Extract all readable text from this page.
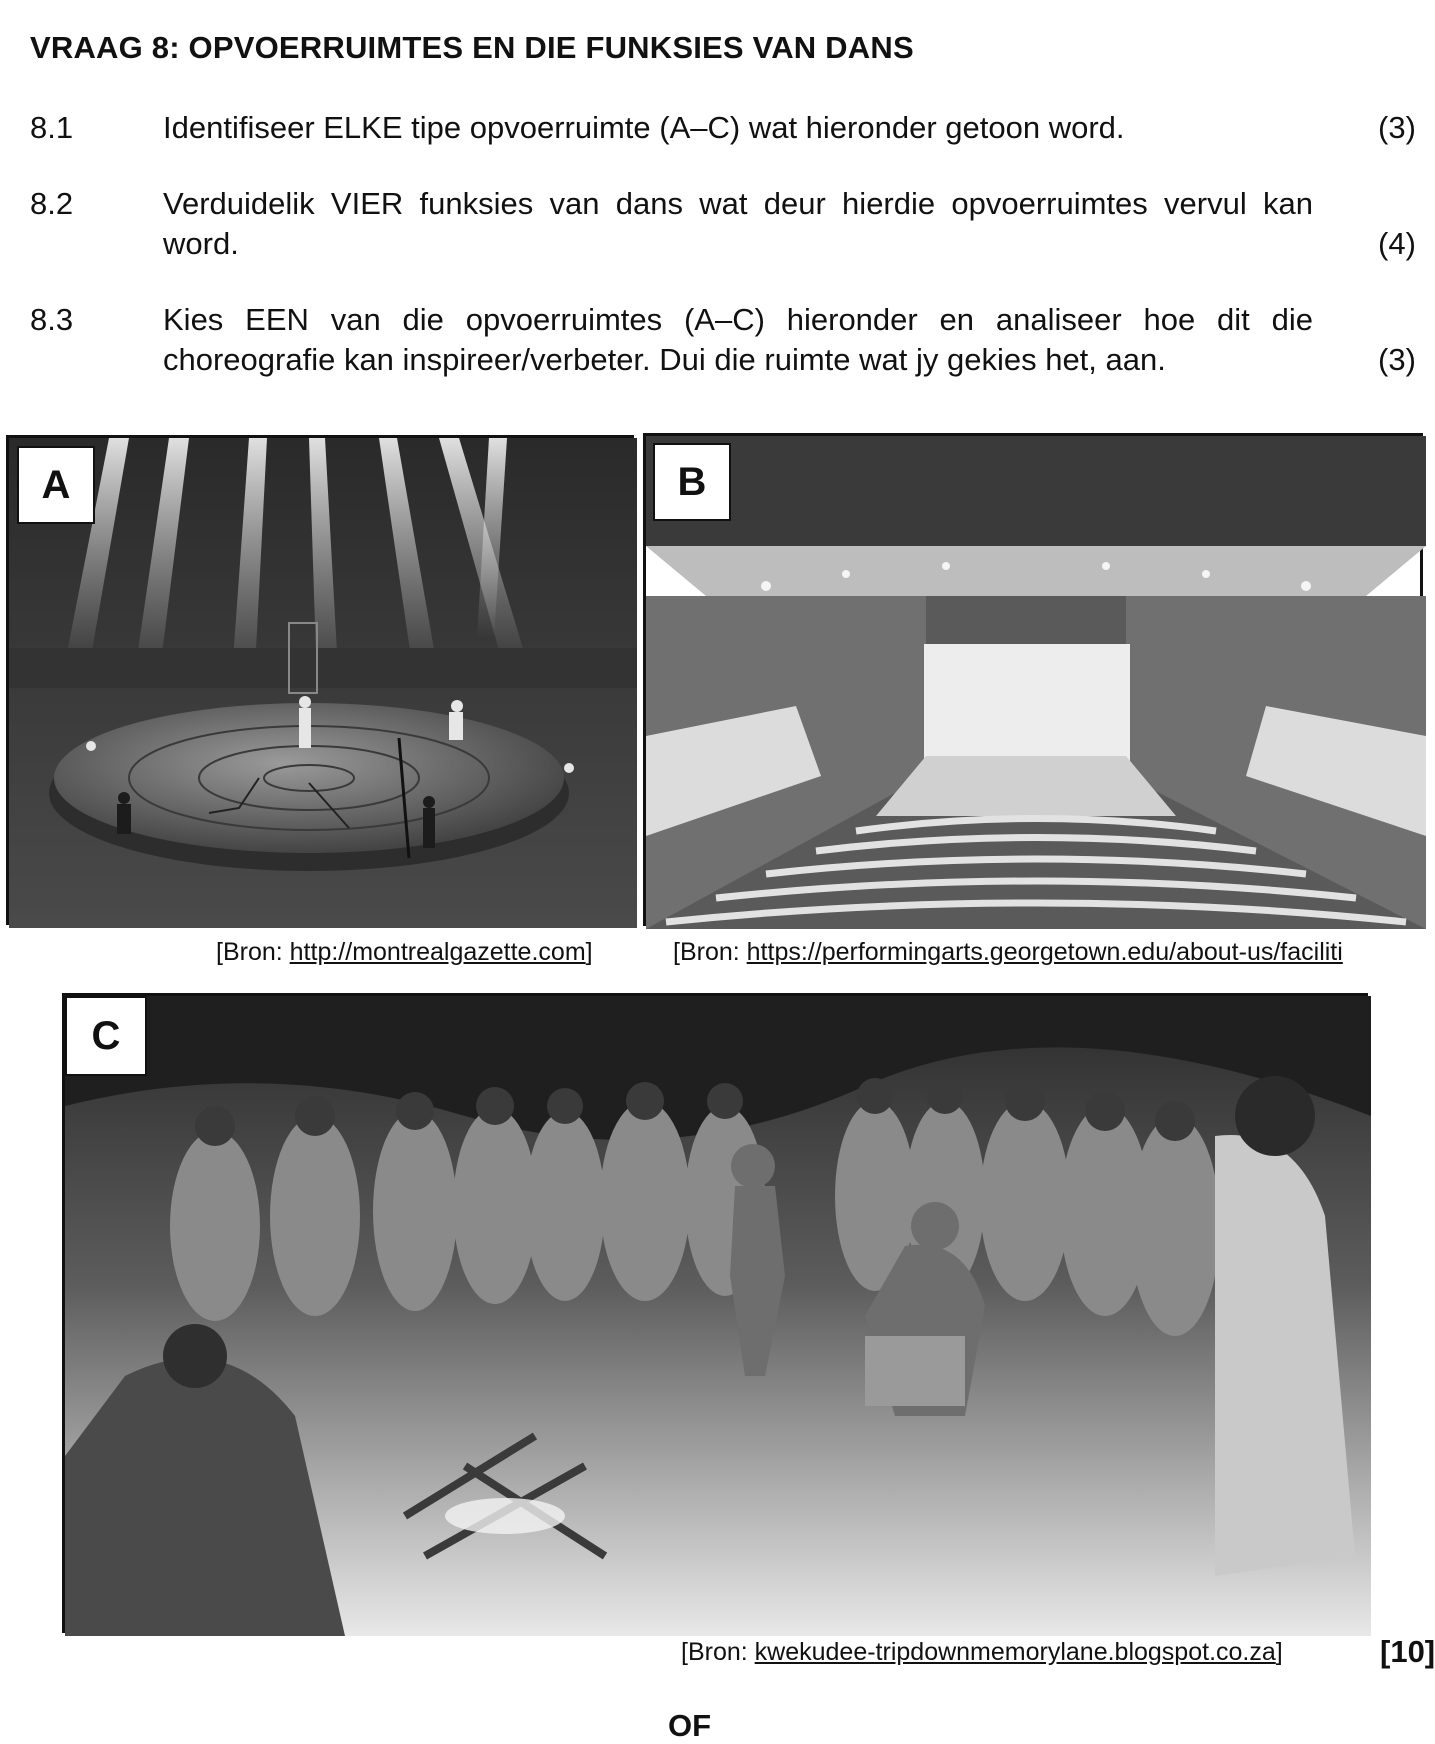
VRAAG 8: OPVOERRUIMTES EN DIE FUNKSIES VAN DANS
8.1	Identifiseer ELKE tipe opvoerruimte (A–C) wat hieronder getoon word.	(3)
8.2	Verduidelik VIER funksies van dans wat deur hierdie opvoerruimtes vervul kan word.	(4)
8.3	Kies EEN van die opvoerruimtes (A–C) hieronder en analiseer hoe dit die choreografie kan inspireer/verbeter. Dui die ruimte wat jy gekies het, aan.	(3)
A	B
[Bron: http://montrealgazette.com]	[Bron: https://performingarts.georgetown.edu/about-us/faciliti
C
[Bron: kwekudee-tripdownmemorylane.blogspot.co.za]	[10]
OF
